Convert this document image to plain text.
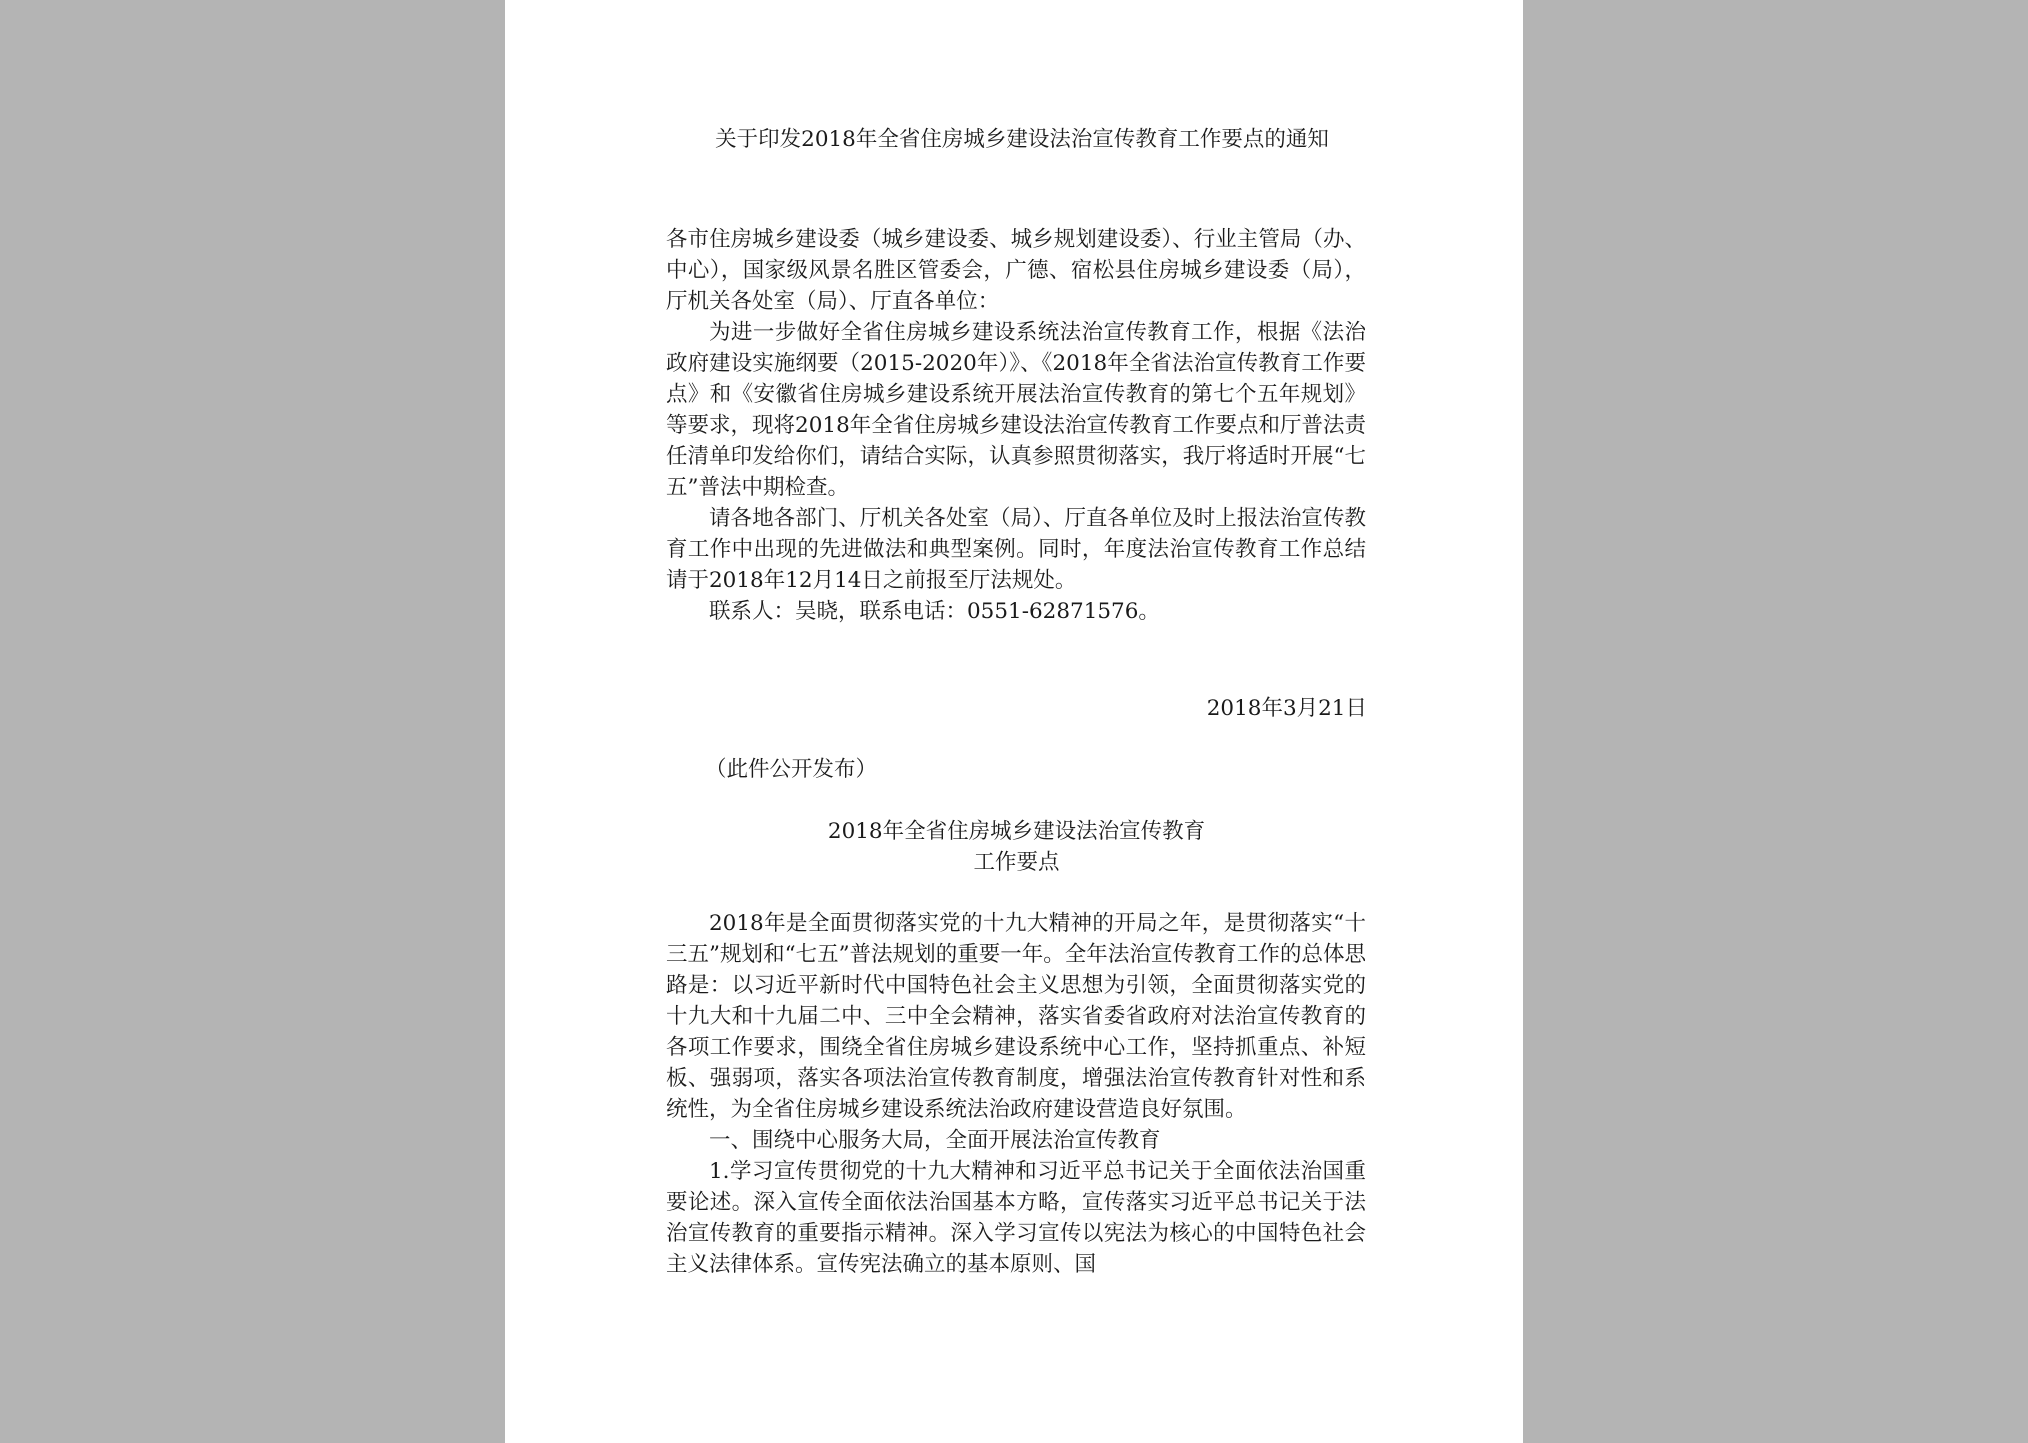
关于印发2018年全省住房城乡建设法治宣传教育工作要点的通知

各市住房城乡建设委（城乡建设委、城乡规划建设委）、行业主管局（办、中心），国家级风景名胜区管委会，广德、宿松县住房城乡建设委（局），厅机关各处室（局）、厅直各单位：

为进一步做好全省住房城乡建设系统法治宣传教育工作，根据《法治政府建设实施纲要（2015-2020年）》、《2018年全省法治宣传教育工作要点》和《安徽省住房城乡建设系统开展法治宣传教育的第七个五年规划》等要求，现将2018年全省住房城乡建设法治宣传教育工作要点和厅普法责任清单印发给你们，请结合实际，认真参照贯彻落实，我厅将适时开展“七五”普法中期检查。

请各地各部门、厅机关各处室（局）、厅直各单位及时上报法治宣传教育工作中出现的先进做法和典型案例。同时，年度法治宣传教育工作总结请于2018年12月14日之前报至厅法规处。

联系人：吴晓，联系电话：0551-62871576。

2018年3月21日

（此件公开发布）

2018年全省住房城乡建设法治宣传教育
工作要点

2018年是全面贯彻落实党的十九大精神的开局之年，是贯彻落实“十三五”规划和“七五”普法规划的重要一年。全年法治宣传教育工作的总体思路是：以习近平新时代中国特色社会主义思想为引领，全面贯彻落实党的十九大和十九届二中、三中全会精神，落实省委省政府对法治宣传教育的各项工作要求，围绕全省住房城乡建设系统中心工作，坚持抓重点、补短板、强弱项，落实各项法治宣传教育制度，增强法治宣传教育针对性和系统性，为全省住房城乡建设系统法治政府建设营造良好氛围。

一、围绕中心服务大局，全面开展法治宣传教育

1.学习宣传贯彻党的十九大精神和习近平总书记关于全面依法治国重要论述。深入宣传全面依法治国基本方略，宣传落实习近平总书记关于法治宣传教育的重要指示精神。深入学习宣传以宪法为核心的中国特色社会主义法律体系。宣传宪法确立的基本原则、国
